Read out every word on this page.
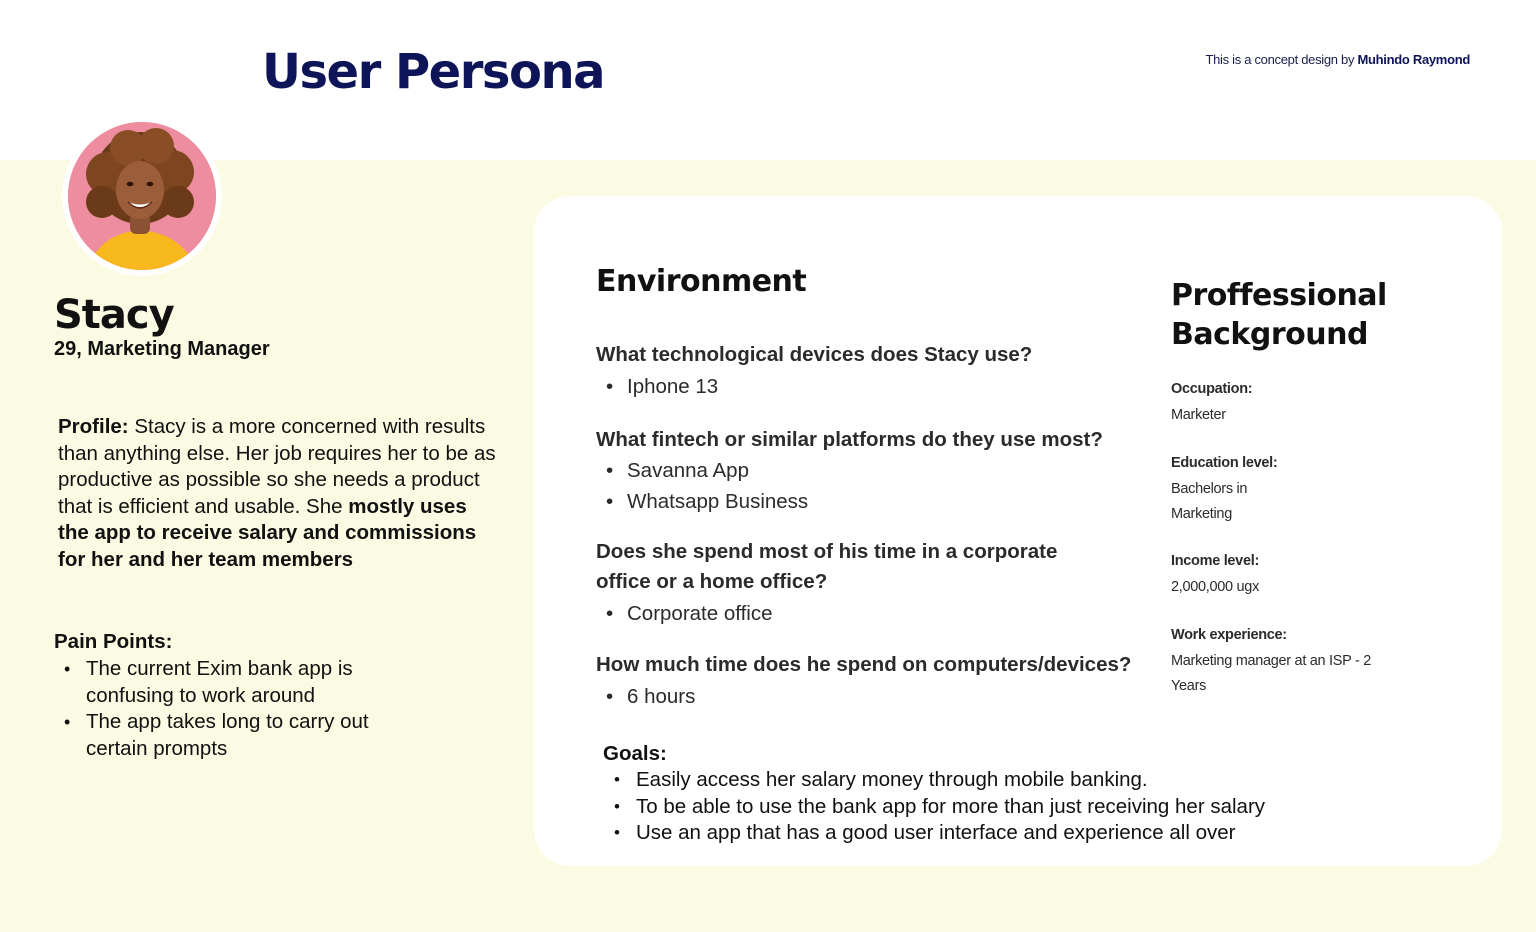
User Persona	This is a concept design by Muhindo Raymond
Stacy

29, Marketing Manager

Profile: Stacy is a more concerned with results than anything else. Her job requires her to be as productive as possible so she needs a product that is efficient and usable. She mostly uses the app to receive salary and commissions for her and her team members

Pain Points:

• The current Exim bank app is confusing to work around
• The app takes long to carry out certain prompts
Environment

What technological devices does Stacy use?

• Iphone 13

What fintech or similar platforms do they use most?

• Savanna App
• Whatsapp Business

Does she spend most of his time in a corporate office or a home office?

• Corporate office

How much time does he spend on computers/devices?

• 6 hours
Proffessional Background

Occupation:

Marketer

Education level:

Bachelors in Marketing

Income level:

2,000,000 ugx

Work experience:

Marketing manager at an ISP - 2 Years

Goals:

• Easily access her salary money through mobile banking.
• To be able to use the bank app for more than just receiving her salary
• Use an app that has a good user interface and experience all over
